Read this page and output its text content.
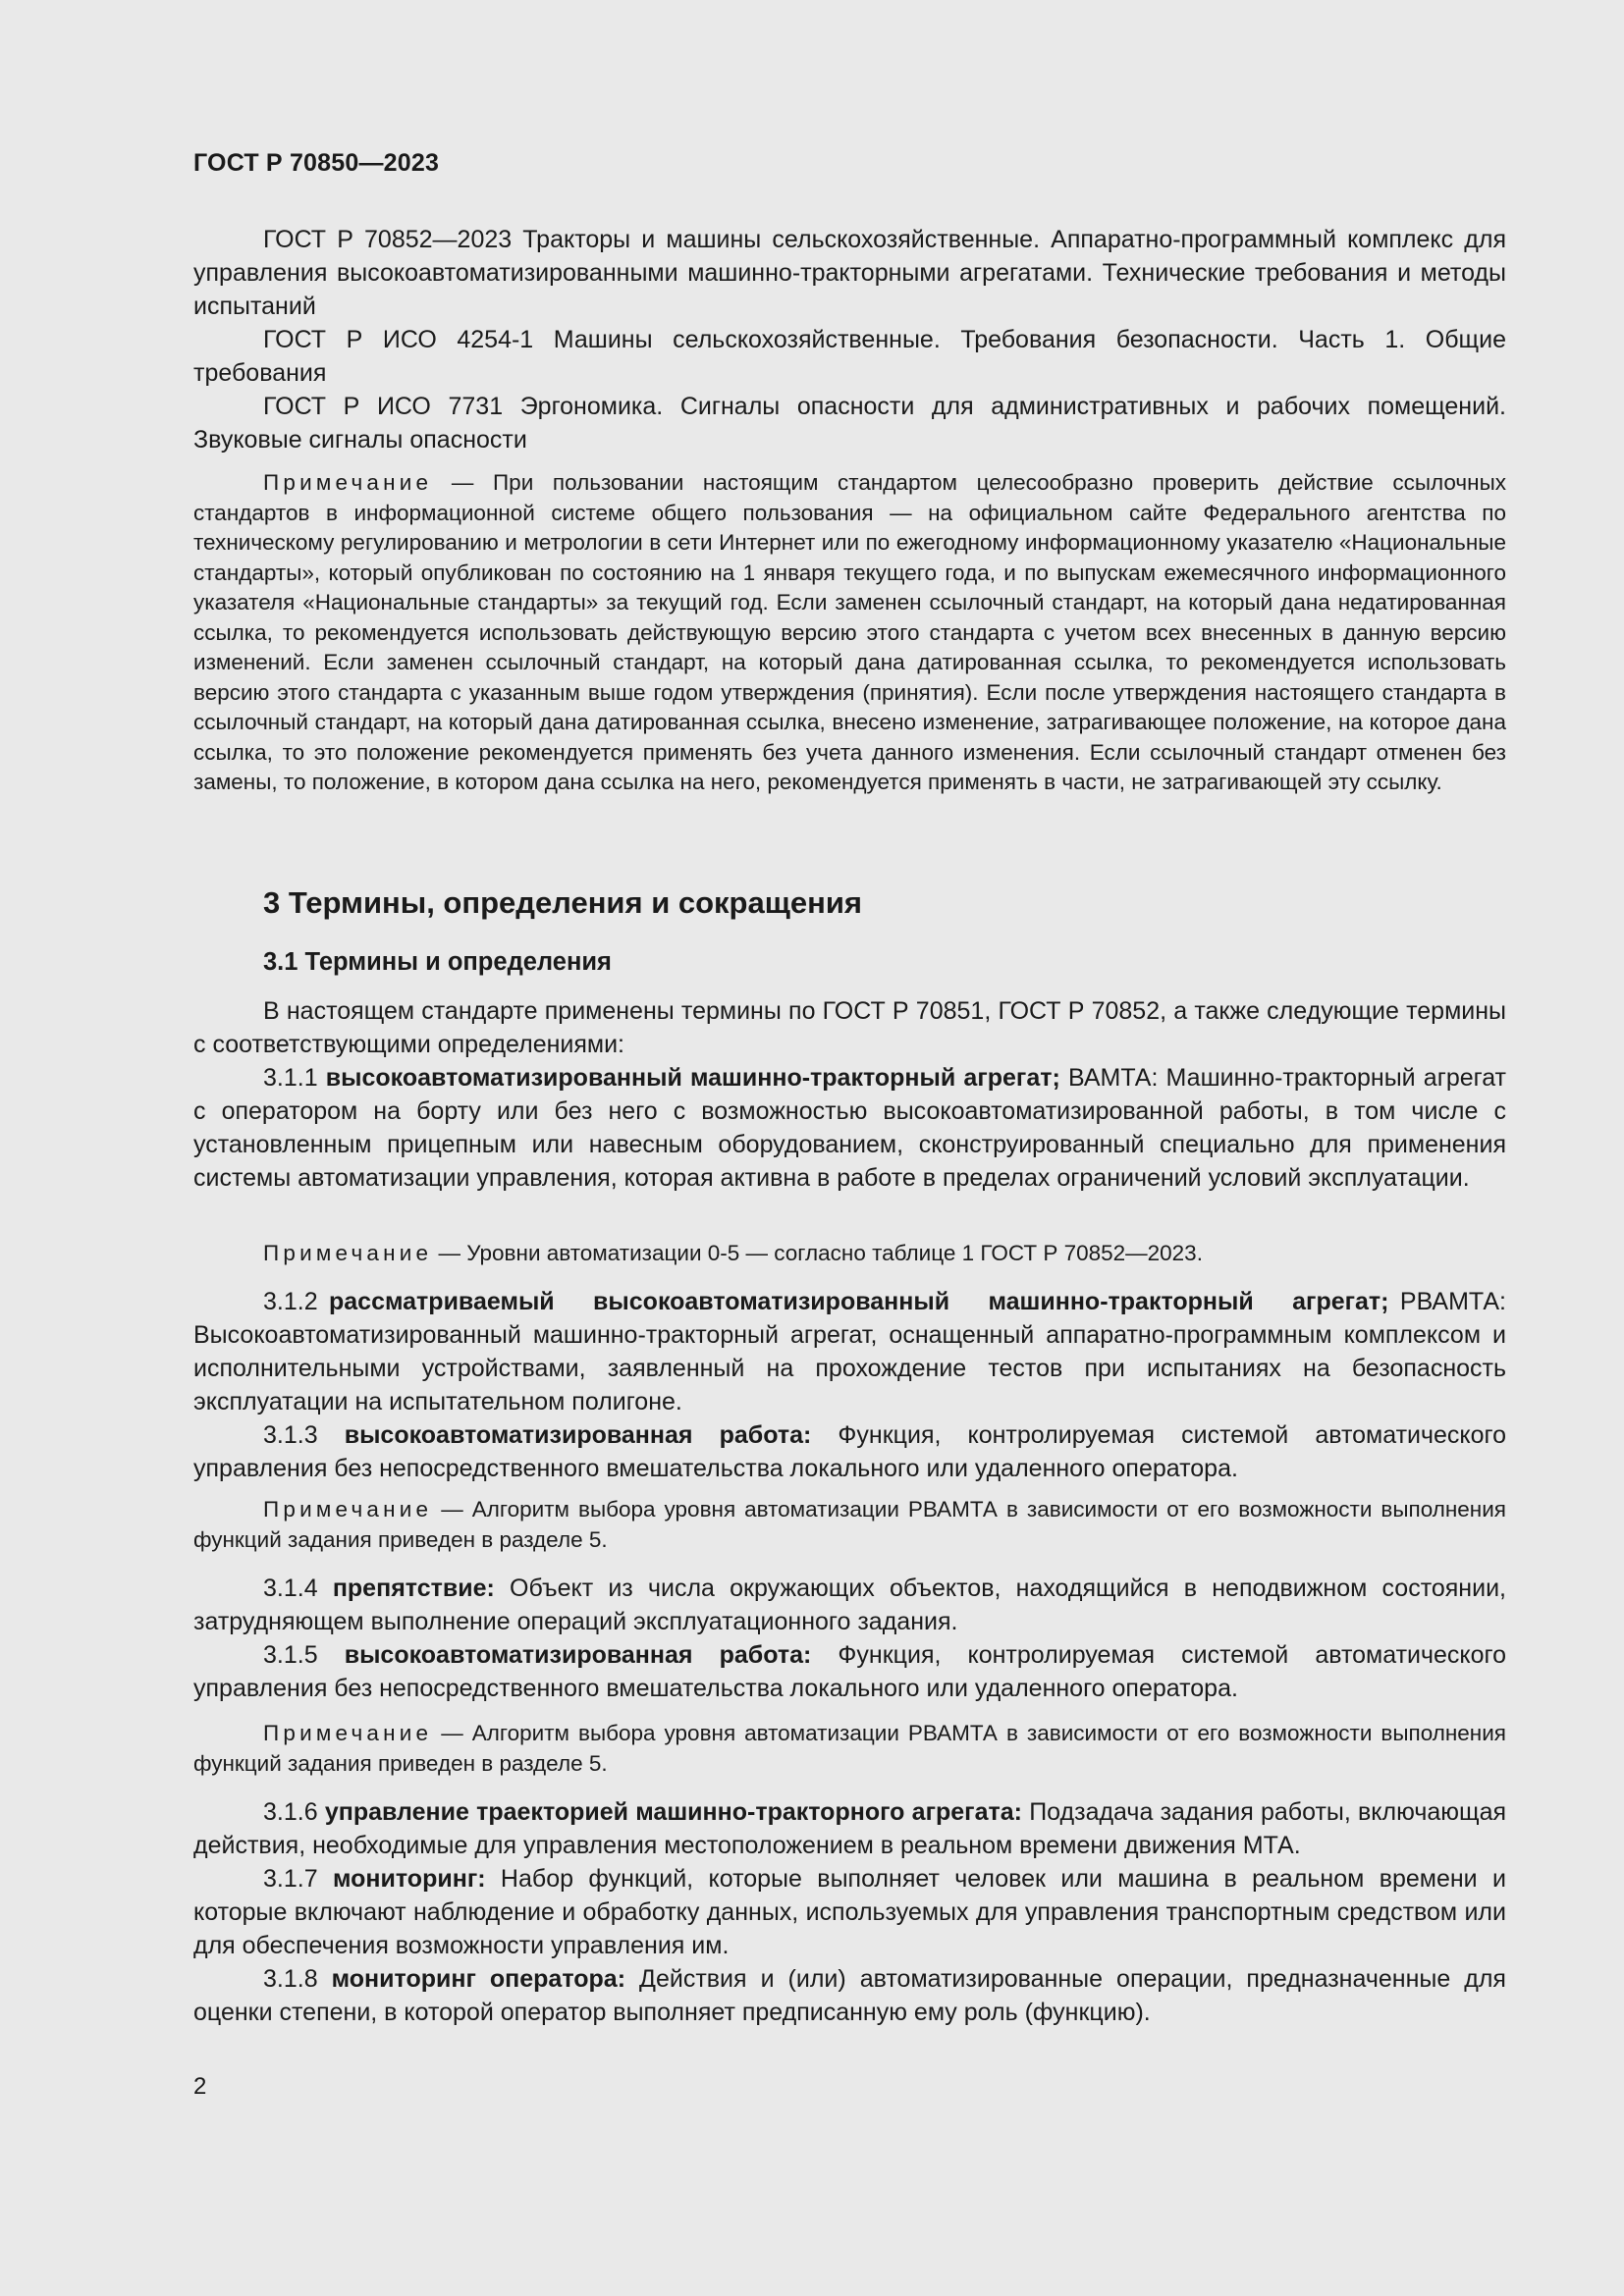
ГОСТ Р 70850—2023

ГОСТ Р 70852—2023 Тракторы и машины сельскохозяйственные. Аппаратно-программный комплекс для управления высокоавтоматизированными машинно-тракторными агрегатами. Технические требования и методы испытаний

ГОСТ Р ИСО 4254-1 Машины сельскохозяйственные. Требования безопасности. Часть 1. Общие требования

ГОСТ Р ИСО 7731 Эргономика. Сигналы опасности для административных и рабочих помещений. Звуковые сигналы опасности

Примечание — При пользовании настоящим стандартом целесообразно проверить действие ссылочных стандартов в информационной системе общего пользования — на официальном сайте Федерального агентства по техническому регулированию и метрологии в сети Интернет или по ежегодному информационному указателю «Национальные стандарты», который опубликован по состоянию на 1 января текущего года, и по выпускам ежемесячного информационного указателя «Национальные стандарты» за текущий год. Если заменен ссылочный стандарт, на который дана недатированная ссылка, то рекомендуется использовать действующую версию этого стандарта с учетом всех внесенных в данную версию изменений. Если заменен ссылочный стандарт, на который дана датированная ссылка, то рекомендуется использовать версию этого стандарта с указанным выше годом утверждения (принятия). Если после утверждения настоящего стандарта в ссылочный стандарт, на который дана датированная ссылка, внесено изменение, затрагивающее положение, на которое дана ссылка, то это положение рекомендуется применять без учета данного изменения. Если ссылочный стандарт отменен без замены, то положение, в котором дана ссылка на него, рекомендуется применять в части, не затрагивающей эту ссылку.

3 Термины, определения и сокращения
3.1 Термины и определения

В настоящем стандарте применены термины по ГОСТ Р 70851, ГОСТ Р 70852, а также следующие термины с соответствующими определениями:

3.1.1 высокоавтоматизированный машинно-тракторный агрегат; ВАМТА: Машинно-тракторный агрегат с оператором на борту или без него с возможностью высокоавтоматизированной работы, в том числе с установленным прицепным или навесным оборудованием, сконструированный специально для применения системы автоматизации управления, которая активна в работе в пределах ограничений условий эксплуатации.

Примечание — Уровни автоматизации 0-5 — согласно таблице 1 ГОСТ Р 70852—2023.

3.1.2 рассматриваемый высокоавтоматизированный машинно-тракторный агрегат; РВАМТА: Высокоавтоматизированный машинно-тракторный агрегат, оснащенный аппаратно-программным комплексом и исполнительными устройствами, заявленный на прохождение тестов при испытаниях на безопасность эксплуатации на испытательном полигоне.

3.1.3 высокоавтоматизированная работа: Функция, контролируемая системой автоматического управления без непосредственного вмешательства локального или удаленного оператора.

Примечание — Алгоритм выбора уровня автоматизации РВАМТА в зависимости от его возможности выполнения функций задания приведен в разделе 5.

3.1.4 препятствие: Объект из числа окружающих объектов, находящийся в неподвижном состоянии, затрудняющем выполнение операций эксплуатационного задания.

3.1.5 высокоавтоматизированная работа: Функция, контролируемая системой автоматического управления без непосредственного вмешательства локального или удаленного оператора.

Примечание — Алгоритм выбора уровня автоматизации РВАМТА в зависимости от его возможности выполнения функций задания приведен в разделе 5.

3.1.6 управление траекторией машинно-тракторного агрегата: Подзадача задания работы, включающая действия, необходимые для управления местоположением в реальном времени движения МТА.

3.1.7 мониторинг: Набор функций, которые выполняет человек или машина в реальном времени и которые включают наблюдение и обработку данных, используемых для управления транспортным средством или для обеспечения возможности управления им.

3.1.8 мониторинг оператора: Действия и (или) автоматизированные операции, предназначенные для оценки степени, в которой оператор выполняет предписанную ему роль (функцию).

2
